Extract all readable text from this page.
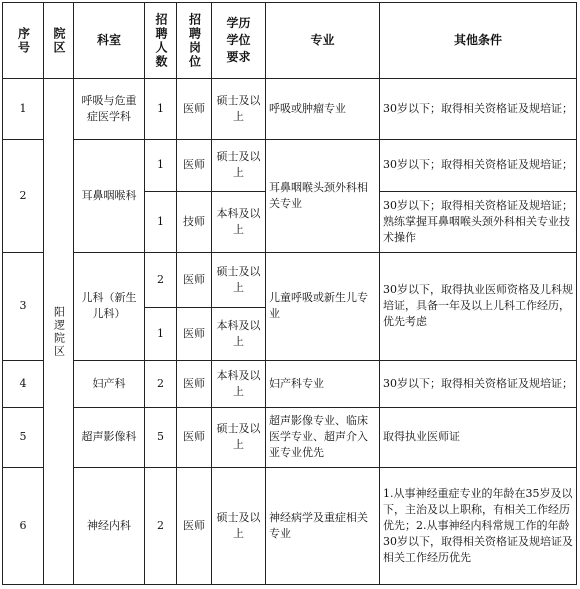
序号	院区	科室	招聘人数	招聘岗位	学历学位要求	专业	其他条件
1	阳逻院区	呼吸与危重症医学科	1	医师	硕士及以上	呼吸或肿瘤专业	30岁以下；取得相关资格证及规培证；
2		耳鼻咽喉科	1	医师	硕士及以上	耳鼻咽喉头颈外科相关专业	30岁以下；取得相关资格证及规培证；
			1	技师	本科及以上		30岁以下；取得相关资格证及规培证；熟练掌握耳鼻咽喉头颈外科相关专业技术操作
3		儿科（新生儿科）	2	医师	硕士及以上	儿童呼吸或新生儿专业	30岁以下，取得执业医师资格及儿科规培证，具备一年及以上儿科工作经历，优先考虑
			1	医师	本科及以上		
4		妇产科	2	医师	本科及以上	妇产科专业	30岁以下；取得相关资格证及规培证；
5		超声影像科	5	医师	硕士及以上	超声影像专业、临床医学专业、超声介入亚专业优先	取得执业医师证
6		神经内科	2	医师	硕士及以上	神经病学及重症相关专业	1.从事神经重症专业的年龄在35岁及以下，主治及以上职称，有相关工作经历优先；2.从事神经内科常规工作的年龄30岁以下，取得相关资格证及规培证及相关工作经历优先
